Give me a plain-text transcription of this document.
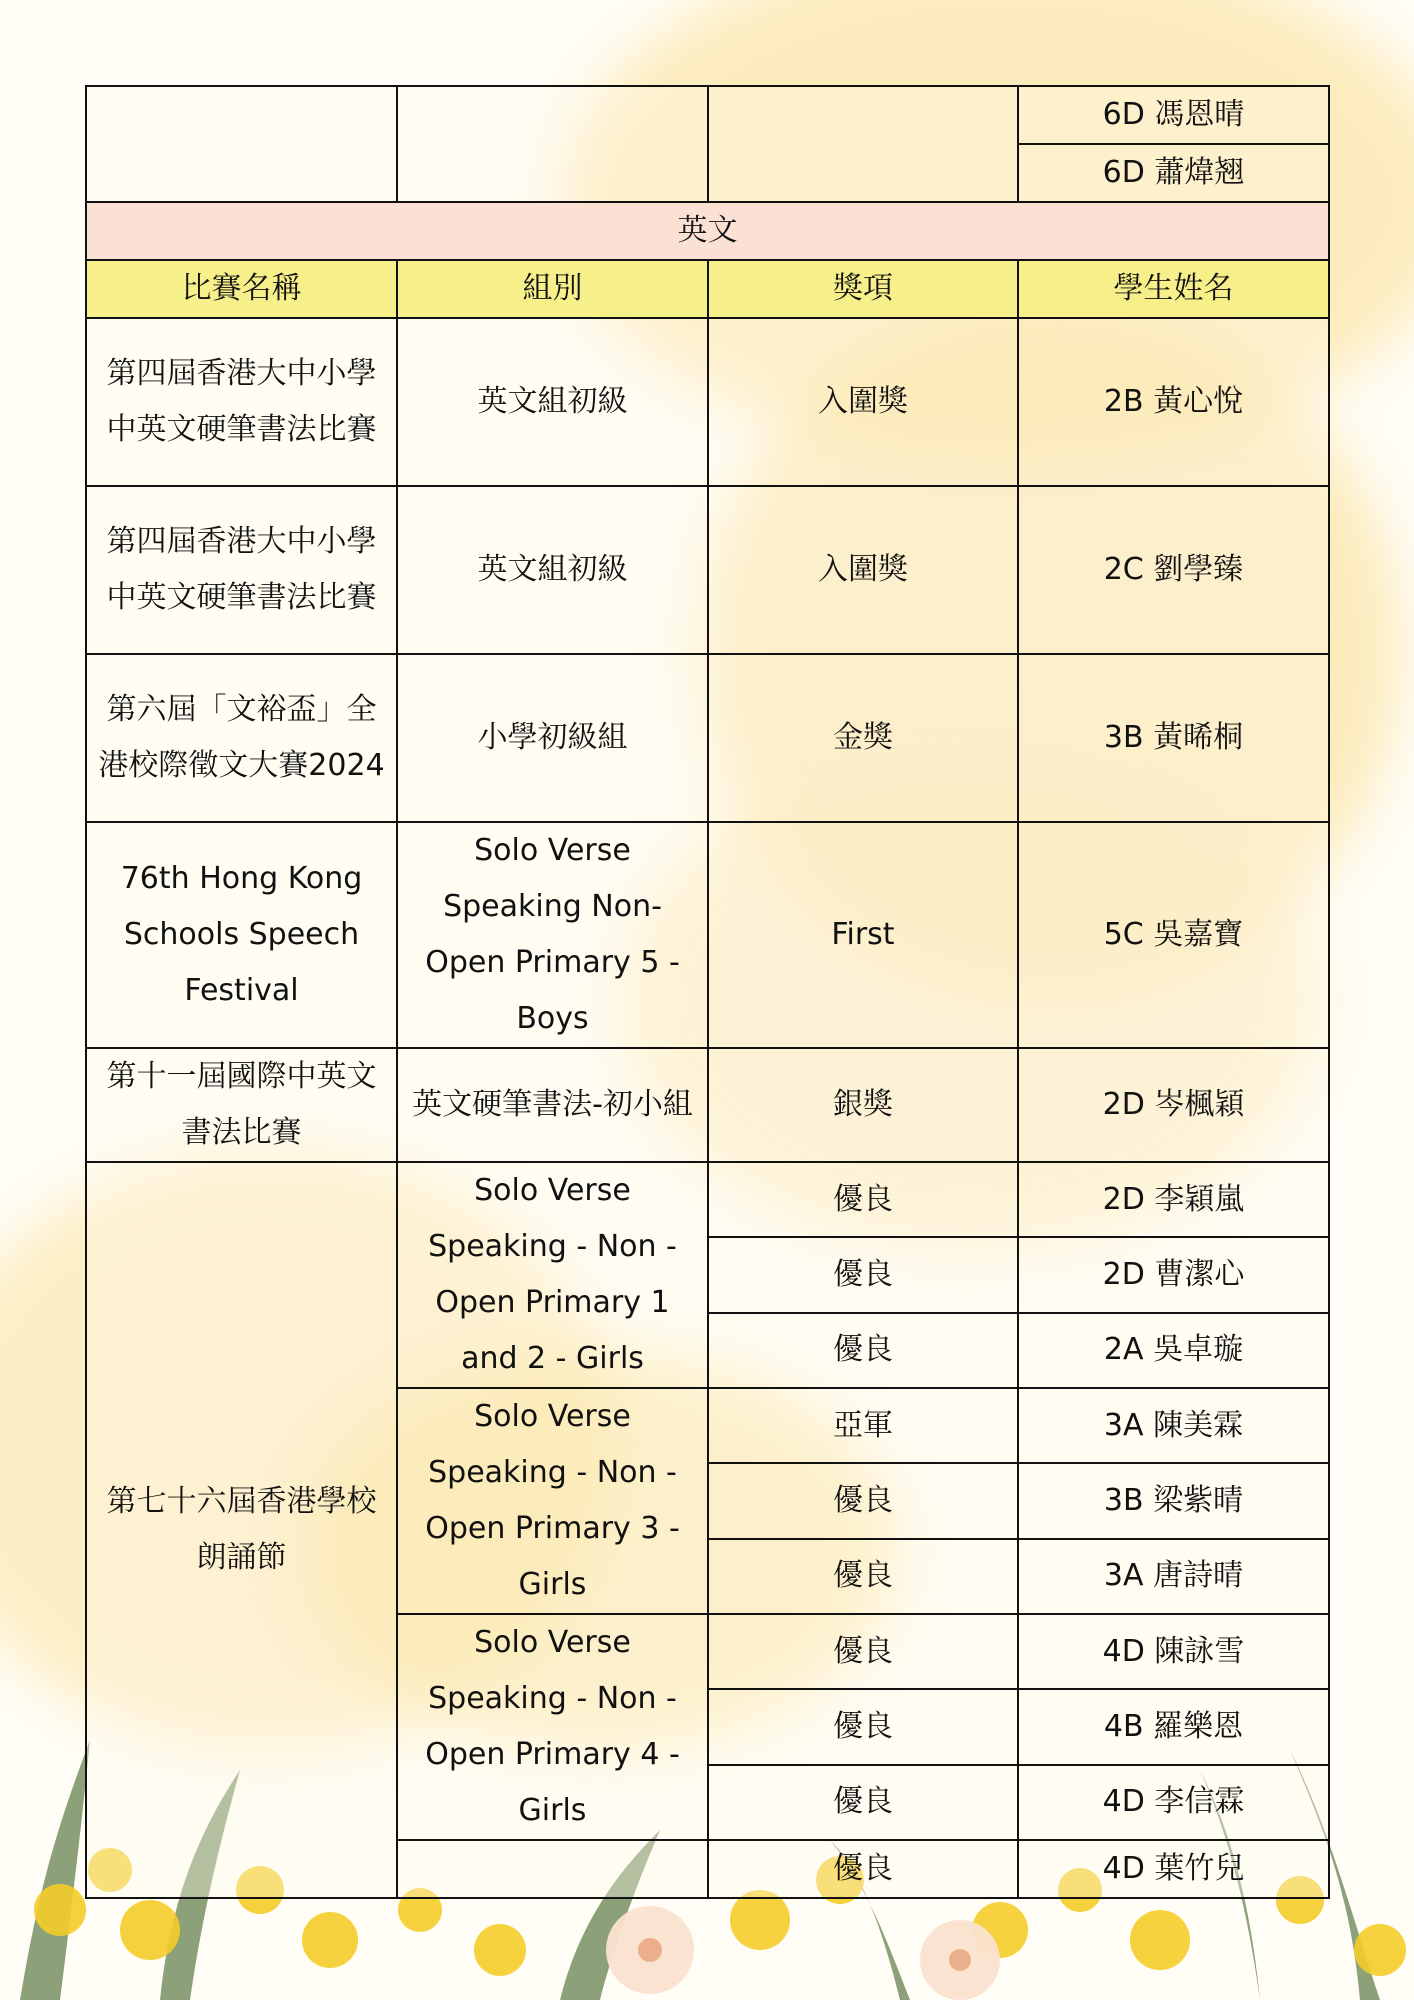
			6D 馮恩晴
			6D 蕭煒翘
英文			
比賽名稱	組別	獎項	學生姓名
第四屆香港大中小學中英文硬筆書法比賽	英文組初級	入圍獎	2B 黃心悅
第四屆香港大中小學中英文硬筆書法比賽	英文組初級	入圍獎	2C 劉學臻
第六屆「文裕盃」全港校際徵文大賽2024	小學初級組	金獎	3B 黃晞桐
76th Hong Kong Schools Speech Festival	Solo Verse Speaking Non-Open Primary 5 - Boys	First	5C 吳嘉寶
第十一屆國際中英文書法比賽	英文硬筆書法-初小組	銀獎	2D 岑楓穎
第七十六屆香港學校朗誦節	Solo Verse Speaking - Non - Open Primary 1 and 2 - Girls	優良	2D 李穎嵐
		優良	2D 曹潔心
		優良	2A 吳卓璇
	Solo Verse Speaking - Non - Open Primary 3 - Girls	亞軍	3A 陳美霖
		優良	3B 梁紫晴
		優良	3A 唐詩晴
	Solo Verse Speaking - Non - Open Primary 4 - Girls	優良	4D 陳詠雪
		優良	4B 羅樂恩
		優良	4D 李信霖
		優良	4D 葉竹兒
